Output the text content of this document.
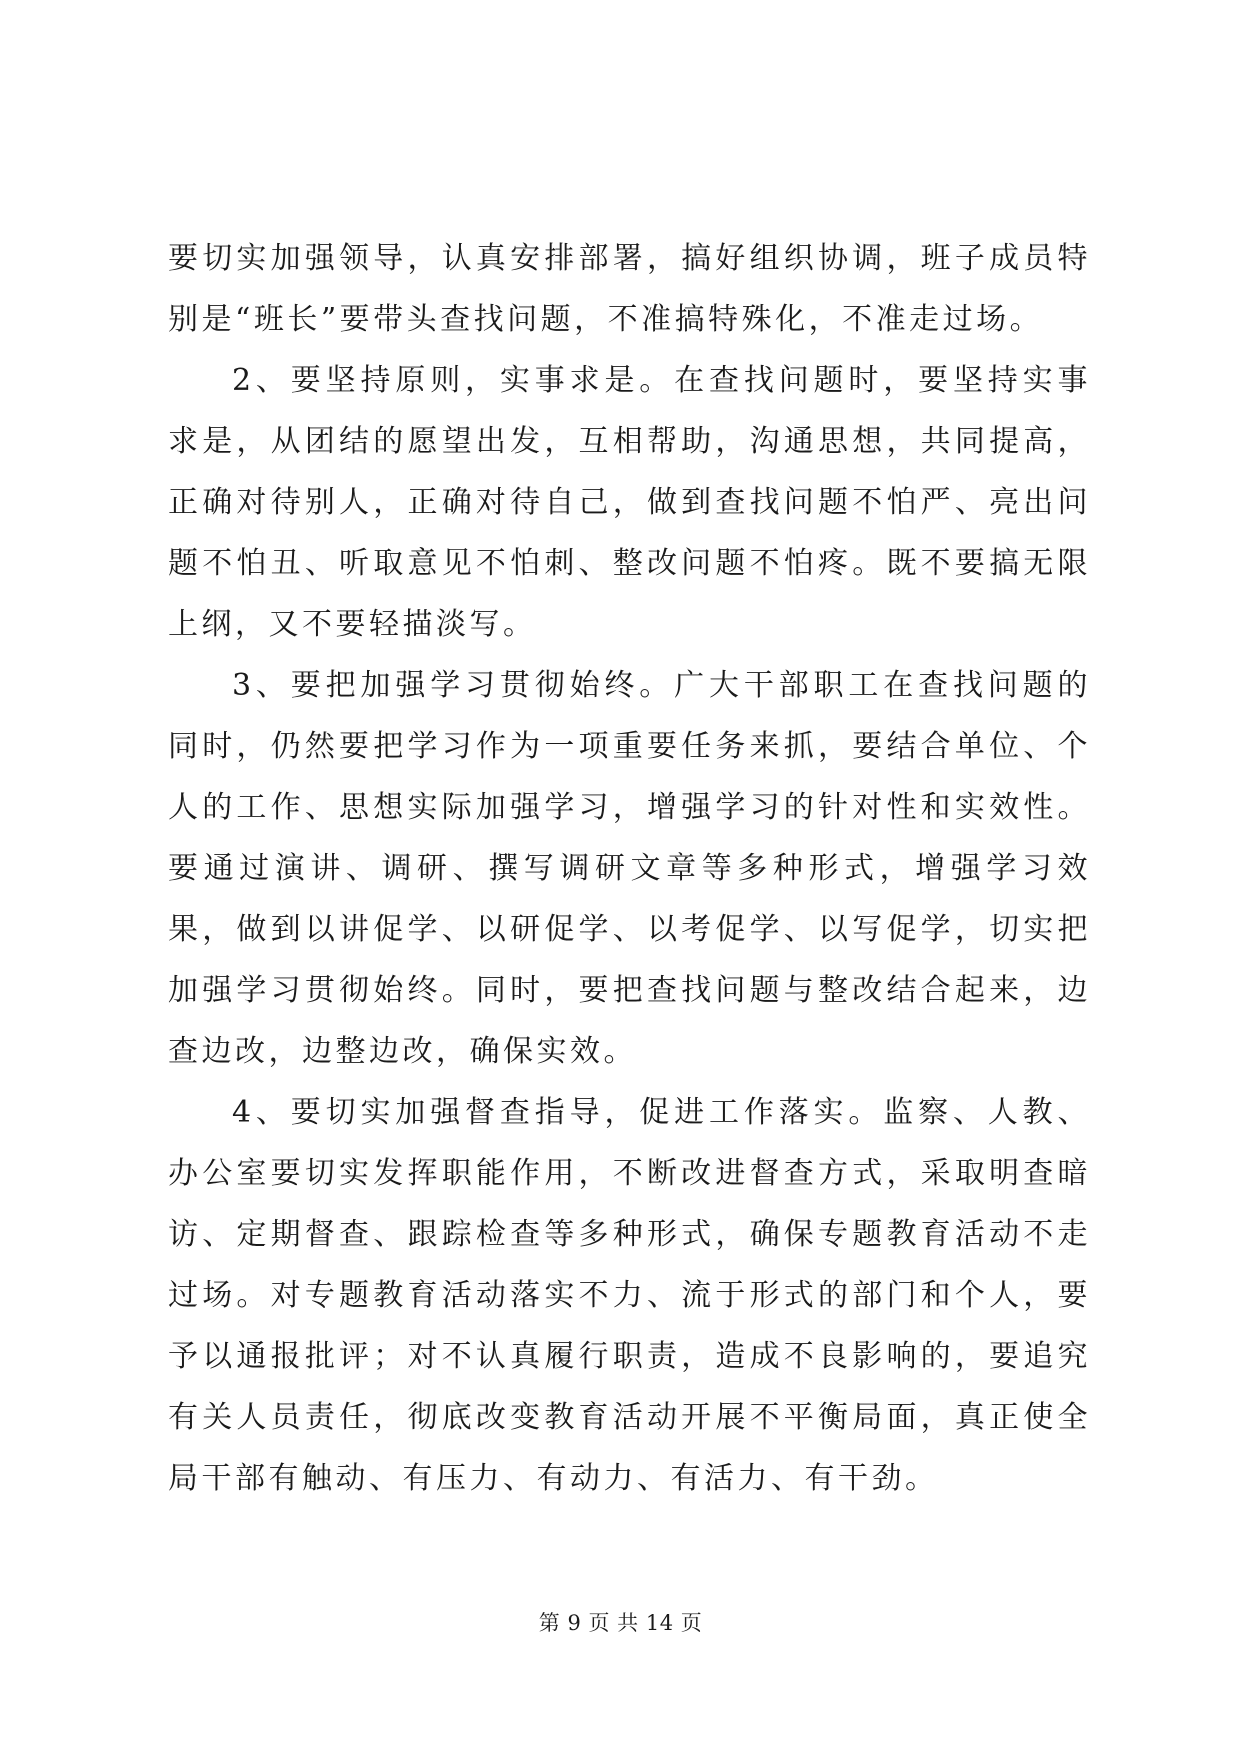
要切实加强领导，认真安排部署，搞好组织协调，班子成员特别是“班长”要带头查找问题，不准搞特殊化，不准走过场。

2、要坚持原则，实事求是。在查找问题时，要坚持实事求是，从团结的愿望出发，互相帮助，沟通思想，共同提高，正确对待别人，正确对待自己，做到查找问题不怕严、亮出问题不怕丑、听取意见不怕刺、整改问题不怕疼。既不要搞无限上纲，又不要轻描淡写。

3、要把加强学习贯彻始终。广大干部职工在查找问题的同时，仍然要把学习作为一项重要任务来抓，要结合单位、个人的工作、思想实际加强学习，增强学习的针对性和实效性。要通过演讲、调研、撰写调研文章等多种形式，增强学习效果，做到以讲促学、以研促学、以考促学、以写促学，切实把加强学习贯彻始终。同时，要把查找问题与整改结合起来，边查边改，边整边改，确保实效。

4、要切实加强督查指导，促进工作落实。监察、人教、办公室要切实发挥职能作用，不断改进督查方式，采取明查暗访、定期督查、跟踪检查等多种形式，确保专题教育活动不走过场。对专题教育活动落实不力、流于形式的部门和个人，要予以通报批评；对不认真履行职责，造成不良影响的，要追究有关人员责任，彻底改变教育活动开展不平衡局面，真正使全局干部有触动、有压力、有动力、有活力、有干劲。

第 9 页 共 14 页
